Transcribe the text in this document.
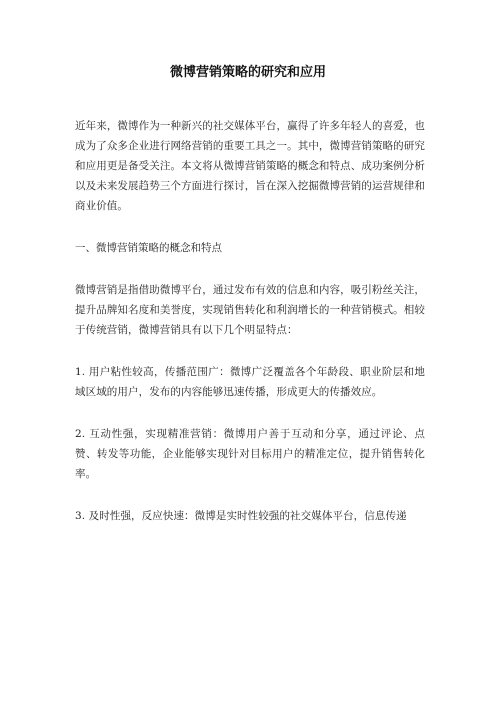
微博营销策略的研究和应用

近年来，微博作为一种新兴的社交媒体平台，赢得了许多年轻人的喜爱，也成为了众多企业进行网络营销的重要工具之一。其中，微博营销策略的研究和应用更是备受关注。本文将从微博营销策略的概念和特点、成功案例分析以及未来发展趋势三个方面进行探讨，旨在深入挖掘微博营销的运营规律和商业价值。

一、微博营销策略的概念和特点

微博营销是指借助微博平台，通过发布有效的信息和内容，吸引粉丝关注，提升品牌知名度和美誉度，实现销售转化和利润增长的一种营销模式。相较于传统营销，微博营销具有以下几个明显特点：

1. 用户粘性较高，传播范围广：微博广泛覆盖各个年龄段、职业阶层和地域区域的用户，发布的内容能够迅速传播，形成更大的传播效应。

2. 互动性强，实现精准营销：微博用户善于互动和分享，通过评论、点赞、转发等功能，企业能够实现针对目标用户的精准定位，提升销售转化率。

3. 及时性强，反应快速：微博是实时性较强的社交媒体平台，信息传递
